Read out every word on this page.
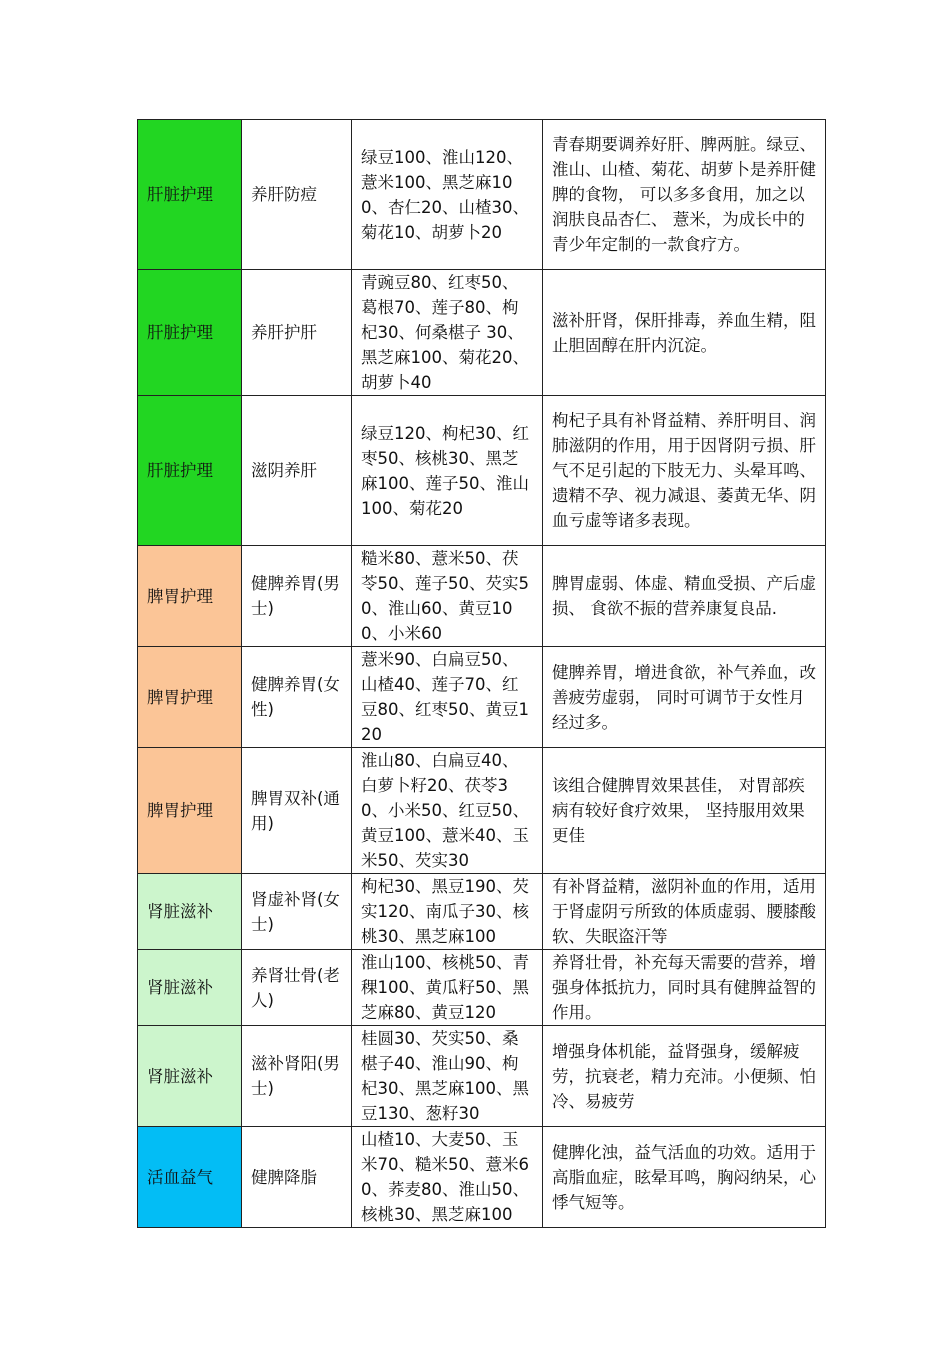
肝脏护理	养肝防痘	绿豆100、淮山120、薏米100、黑芝麻100、杏仁20、山楂30、菊花10、胡萝卜20	青春期要调养好肝、脾两脏。绿豆、淮山、山楂、菊花、胡萝卜是养肝健脾的食物， 可以多多食用，加之以润肤良品杏仁、 薏米，为成长中的青少年定制的一款食疗方。
肝脏护理	养肝护肝	青豌豆80、红枣50、葛根70、莲子80、枸杞30、何桑椹子 30、黑芝麻100、菊花20、胡萝卜40	滋补肝肾，保肝排毒，养血生精，阻止胆固醇在肝内沉淀。
肝脏护理	滋阴养肝	绿豆120、枸杞30、红枣50、核桃30、黑芝麻100、莲子50、淮山100、菊花20	枸杞子具有补肾益精、养肝明目、润肺滋阴的作用，用于因肾阴亏损、肝气不足引起的下肢无力、头晕耳鸣、遗精不孕、视力减退、萎黄无华、阴血亏虚等诸多表现。
脾胃护理	健脾养胃(男士)	糙米80、薏米50、茯苓50、莲子50、芡实50、淮山60、黄豆100、小米60	脾胃虚弱、体虚、精血受损、产后虚损、 食欲不振的营养康复良品.
脾胃护理	健脾养胃(女性)	薏米90、白扁豆50、山楂40、莲子70、红豆80、红枣50、黄豆120	健脾养胃，增进食欲，补气养血，改善疲劳虚弱， 同时可调节于女性月经过多。
脾胃护理	脾胃双补(通用)	淮山80、白扁豆40、白萝卜籽20、茯苓30、小米50、红豆50、黄豆100、薏米40、玉米50、芡实30	该组合健脾胃效果甚佳， 对胃部疾病有较好食疗效果， 坚持服用效果更佳
肾脏滋补	肾虚补肾(女士)	枸杞30、黑豆190、芡实120、南瓜子30、核桃30、黑芝麻100	有补肾益精，滋阴补血的作用，适用于肾虚阴亏所致的体质虚弱、腰膝酸软、失眠盗汗等
肾脏滋补	养肾壮骨(老人)	淮山100、核桃50、青稞100、黄瓜籽50、黑芝麻80、黄豆120	养肾壮骨，补充每天需要的营养，增强身体抵抗力，同时具有健脾益智的作用。
肾脏滋补	滋补肾阳(男士)	桂圆30、芡实50、桑椹子40、淮山90、枸杞30、黑芝麻100、黑豆130、葱籽30	增强身体机能，益肾强身，缓解疲劳，抗衰老，精力充沛。小便频、怕冷、易疲劳
活血益气	健脾降脂	山楂10、大麦50、玉米70、糙米50、薏米60、荞麦80、淮山50、核桃30、黑芝麻100	健脾化浊，益气活血的功效。适用于高脂血症，眩晕耳鸣，胸闷纳呆，心悸气短等。
